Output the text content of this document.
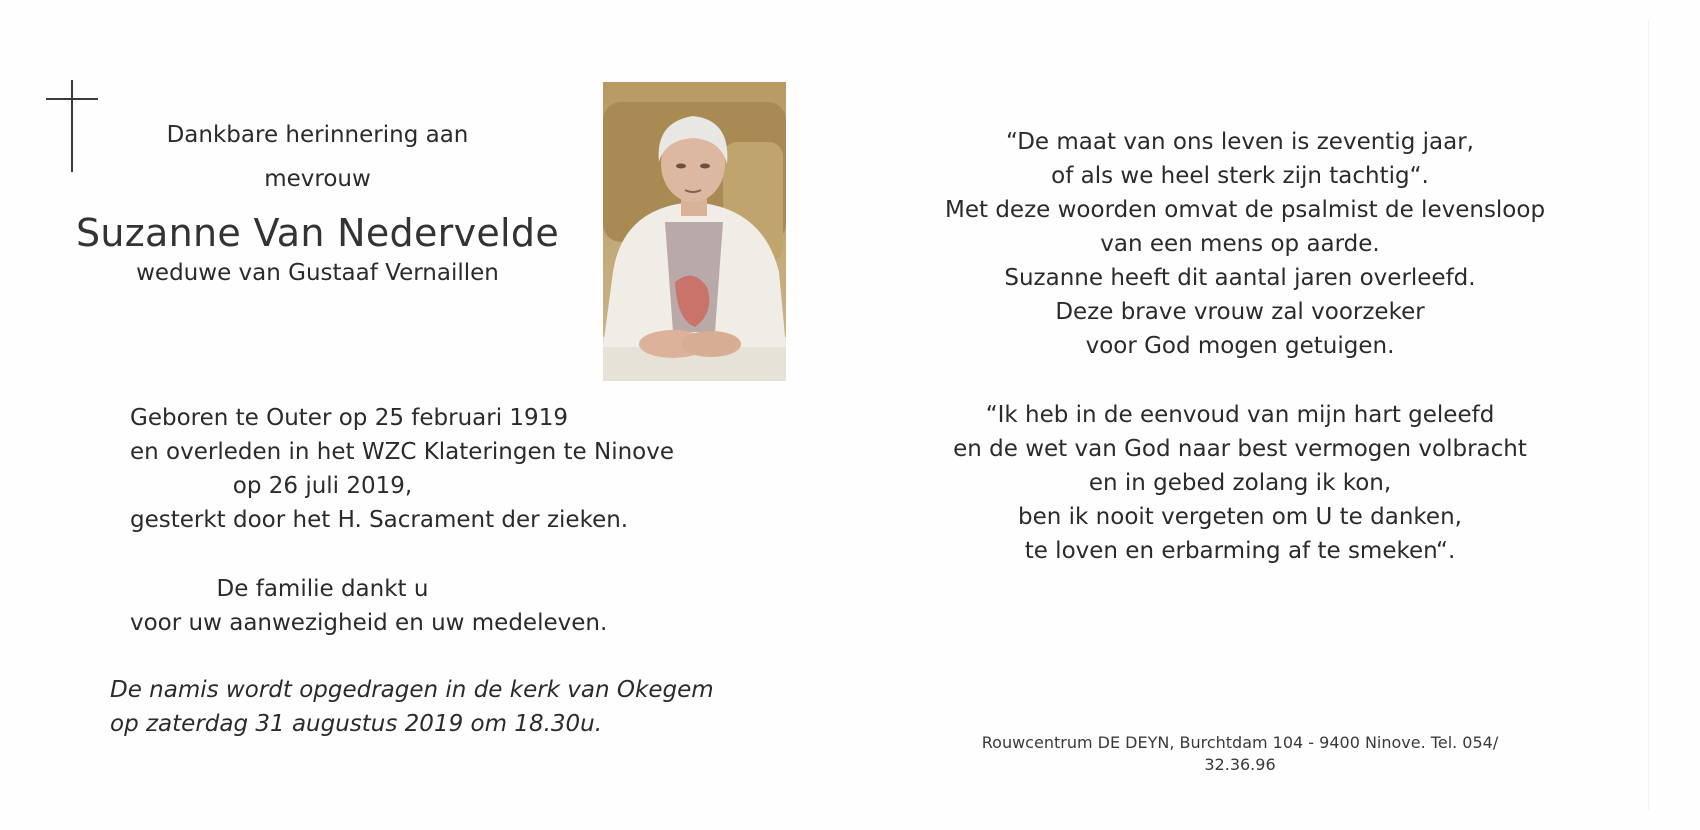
Dankbare herinnering aan
mevrouw
Suzanne Van Nedervelde
weduwe van Gustaaf Vernaillen
Geboren te Outer op 25 februari 1919
en overleden in het WZC Klateringen te Ninove
op 26 juli 2019,
gesterkt door het H. Sacrament der zieken.
De familie dankt u
voor uw aanwezigheid en uw medeleven.
De namis wordt opgedragen in de kerk van Okegem
op zaterdag 31 augustus 2019 om 18.30u.
“De maat van ons leven is zeventig jaar,
of als we heel sterk zijn tachtig“.
Met deze woorden omvat de psalmist de levensloop
van een mens op aarde.
Suzanne heeft dit aantal jaren overleefd.
Deze brave vrouw zal voorzeker
voor God mogen getuigen.
“Ik heb in de eenvoud van mijn hart geleefd
en de wet van God naar best vermogen volbracht
en in gebed zolang ik kon,
ben ik nooit vergeten om U te danken,
te loven en erbarming af te smeken“.
Rouwcentrum DE DEYN, Burchtdam 104 - 9400 Ninove. Tel. 054/ 32.36.96
